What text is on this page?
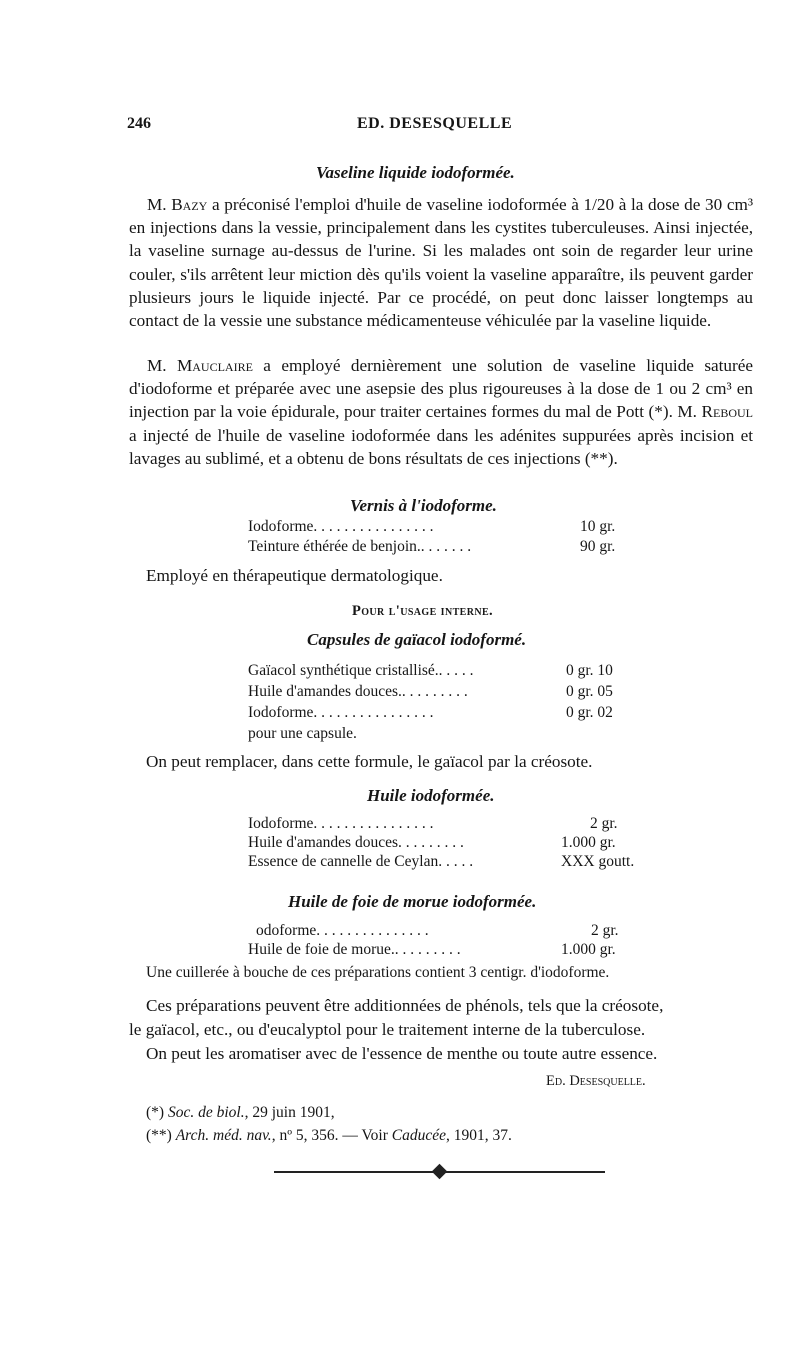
246	ED. DESESQUELLE
Vaseline liquide iodoformée.

M. Bazy a préconisé l'emploi d'huile de vaseline iodoformée à 1/20 à la dose de 30 cm³ en injections dans la vessie, principalement dans les cystites tuberculeuses. Ainsi injectée, la vaseline surnage au-dessus de l'urine. Si les malades ont soin de regarder leur urine couler, s'ils arrêtent leur miction dès qu'ils voient la vaseline apparaître, ils peuvent garder plusieurs jours le liquide injecté. Par ce procédé, on peut donc laisser longtemps au contact de la vessie une substance médicamenteuse véhiculée par la vaseline liquide.

M. Mauclaire a employé dernièrement une solution de vaseline liquide saturée d'iodoforme et préparée avec une asepsie des plus rigoureuses à la dose de 1 ou 2 cm³ en injection par la voie épidurale, pour traiter certaines formes du mal de Pott (*). M. Reboul a injecté de l'huile de vaseline iodoformée dans les adénites suppurées après incision et lavages au sublimé, et a obtenu de bons résultats de ces injections (**).

Vernis à l'iodoforme.
Iodoforme. . . . . . . . . . . . . . . .	10 gr.
Teinture éthérée de benjoin.. . . . . . .	90 gr.
Employé en thérapeutique dermatologique.
Pour l'usage interne.
Capsules de gaïacol iodoformé.
Gaïacol synthétique cristallisé.. . . . .	0 gr. 10
Huile d'amandes douces.. . . . . . . . .	0 gr. 05
Iodoforme. . . . . . . . . . . . . . . .	0 gr. 02
pour une capsule.
On peut remplacer, dans cette formule, le gaïacol par la créosote.
Huile iodoformée.
Iodoforme. . . . . . . . . . . . . . . .	2 gr.
Huile d'amandes douces. . . . . . . . .	1.000 gr.
Essence de cannelle de Ceylan. . . . .	XXX goutt.
Huile de foie de morue iodoformée.
odoforme. . . . . . . . . . . . . . .	2 gr.
Huile de foie de morue.. . . . . . . . .	1.000 gr.
Une cuillerée à bouche de ces préparations contient 3 centigr. d'iodoforme.
Ces préparations peuvent être additionnées de phénols, tels que la créosote,
le gaïacol, etc., ou d'eucalyptol pour le traitement interne de la tuberculose.
On peut les aromatiser avec de l'essence de menthe ou toute autre essence.
Ed. Desesquelle.
(*) Soc. de biol., 29 juin 1901,
(**) Arch. méd. nav., nº 5, 356. — Voir Caducée, 1901, 37.
